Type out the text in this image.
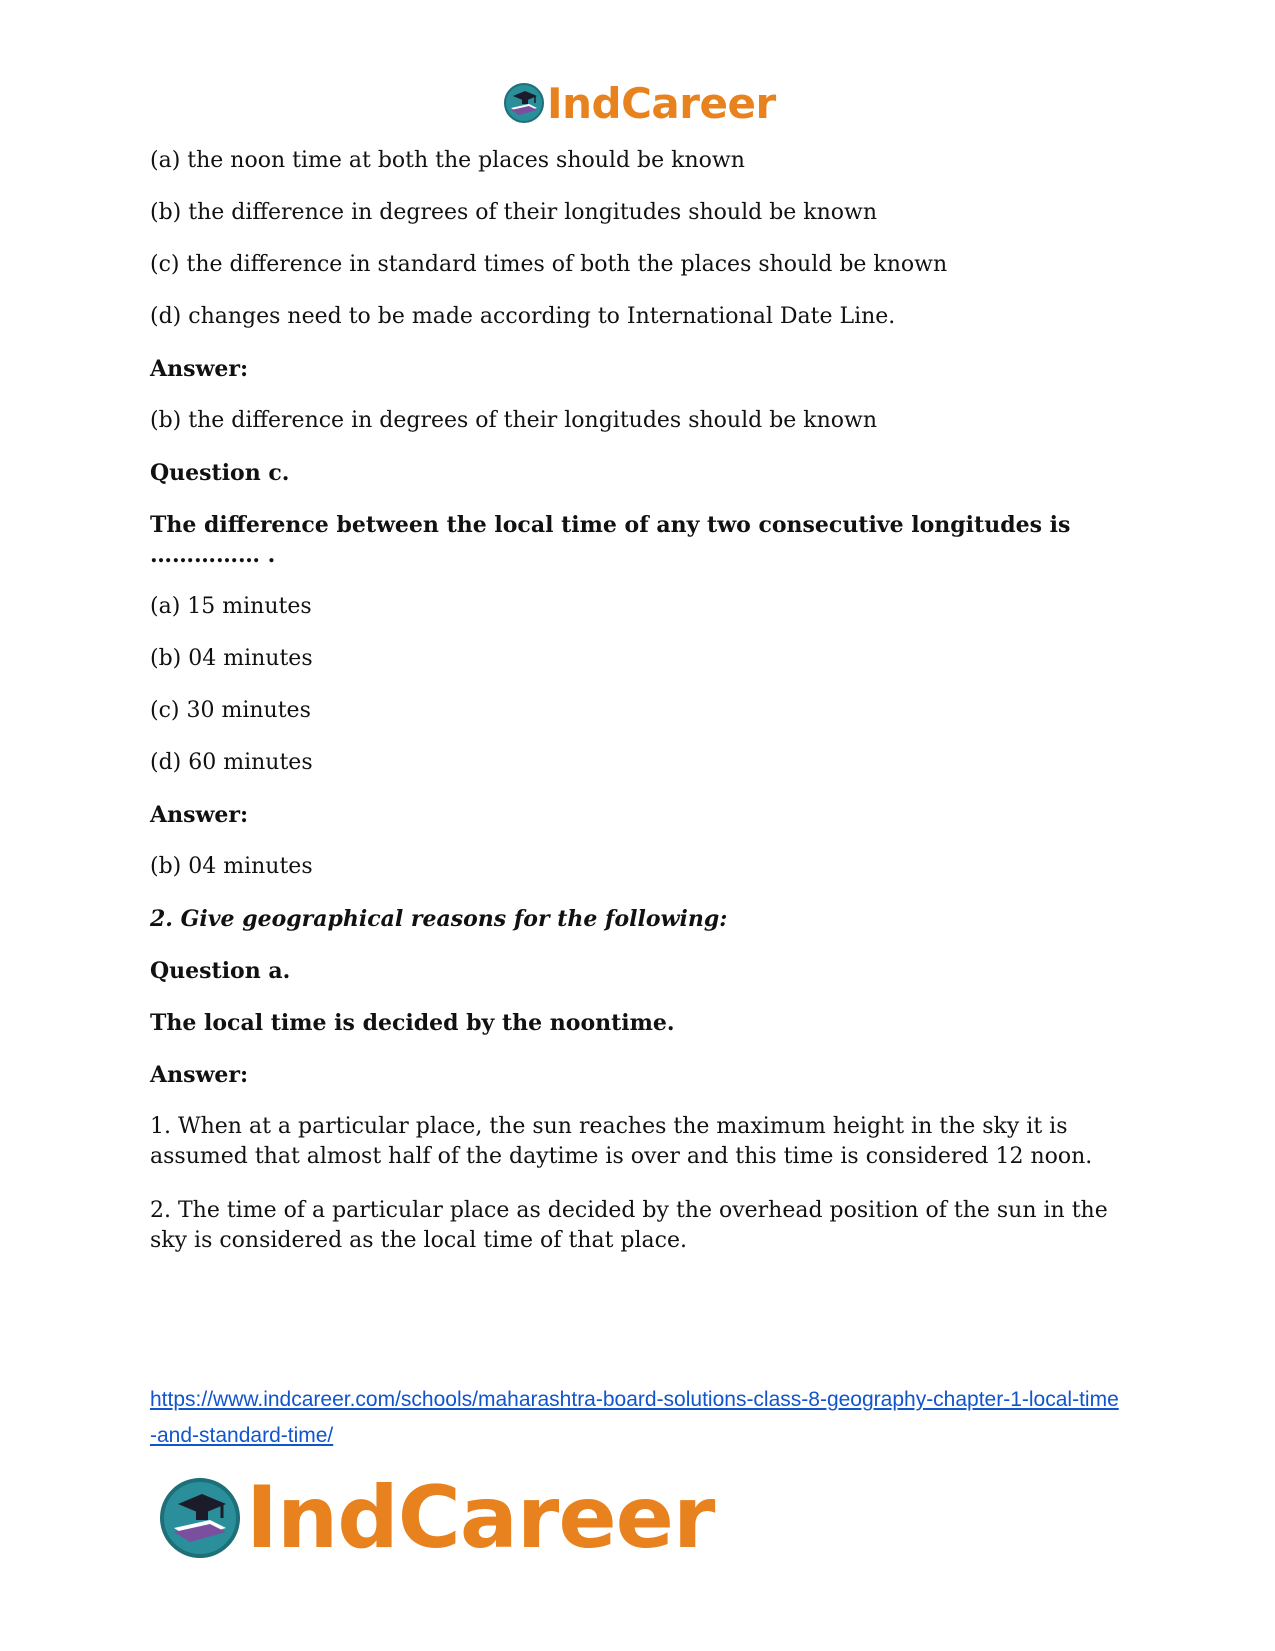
IndCareer
(a) the noon time at both the places should be known
(b) the difference in degrees of their longitudes should be known
(c) the difference in standard times of both the places should be known
(d) changes need to be made according to International Date Line.
Answer:
(b) the difference in degrees of their longitudes should be known
Question c.
The difference between the local time of any two consecutive longitudes is …………… .
(a) 15 minutes
(b) 04 minutes
(c) 30 minutes
(d) 60 minutes
Answer:
(b) 04 minutes
2. Give geographical reasons for the following:
Question a.
The local time is decided by the noontime.
Answer:
1. When at a particular place, the sun reaches the maximum height in the sky it is assumed that almost half of the daytime is over and this time is considered 12 noon.
2. The time of a particular place as decided by the overhead position of the sun in the sky is considered as the local time of that place.
https://www.indcareer.com/schools/maharashtra-board-solutions-class-8-geography-chapter-1-local-time-and-standard-time/
IndCareer
